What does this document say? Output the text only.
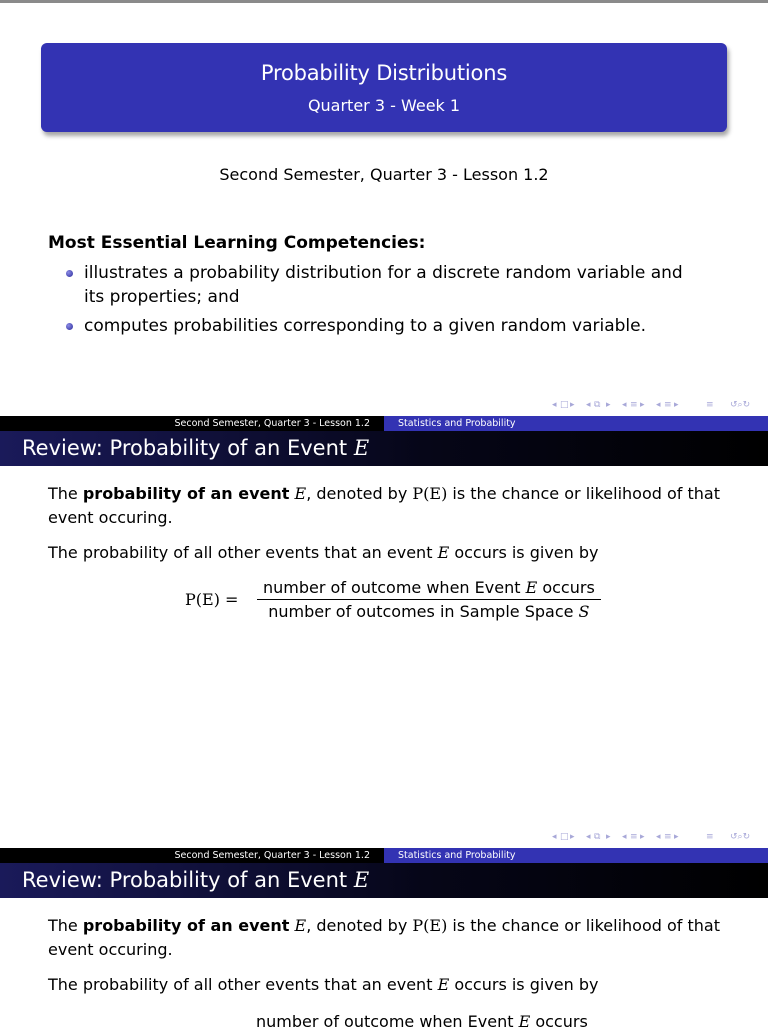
Probability Distributions
Quarter 3 - Week 1
Second Semester, Quarter 3 - Lesson 1.2
Most Essential Learning Competencies:
illustrates a probability distribution for a discrete random variable and its properties; and
computes probabilities corresponding to a given random variable.
◂ □ ▸ ◂ ⧉ ▸ ◂ ≡ ▸ ◂ ≡ ▸	≡ ↺⌕↻
Second Semester, Quarter 3 - Lesson 1.2	Statistics and Probability
Review: Probability of an Event E
The probability of an event E, denoted by P(E) is the chance or likelihood of that event occuring.
The probability of all other events that an event E occurs is given by
P(E) =
number of outcome when Event E occurs
number of outcomes in Sample Space S
◂ □ ▸ ◂ ⧉ ▸ ◂ ≡ ▸ ◂ ≡ ▸	≡ ↺⌕↻
Second Semester, Quarter 3 - Lesson 1.2	Statistics and Probability
Review: Probability of an Event E
The probability of an event E, denoted by P(E) is the chance or likelihood of that event occuring.
The probability of all other events that an event E occurs is given by
number of outcome when Event E occurs
